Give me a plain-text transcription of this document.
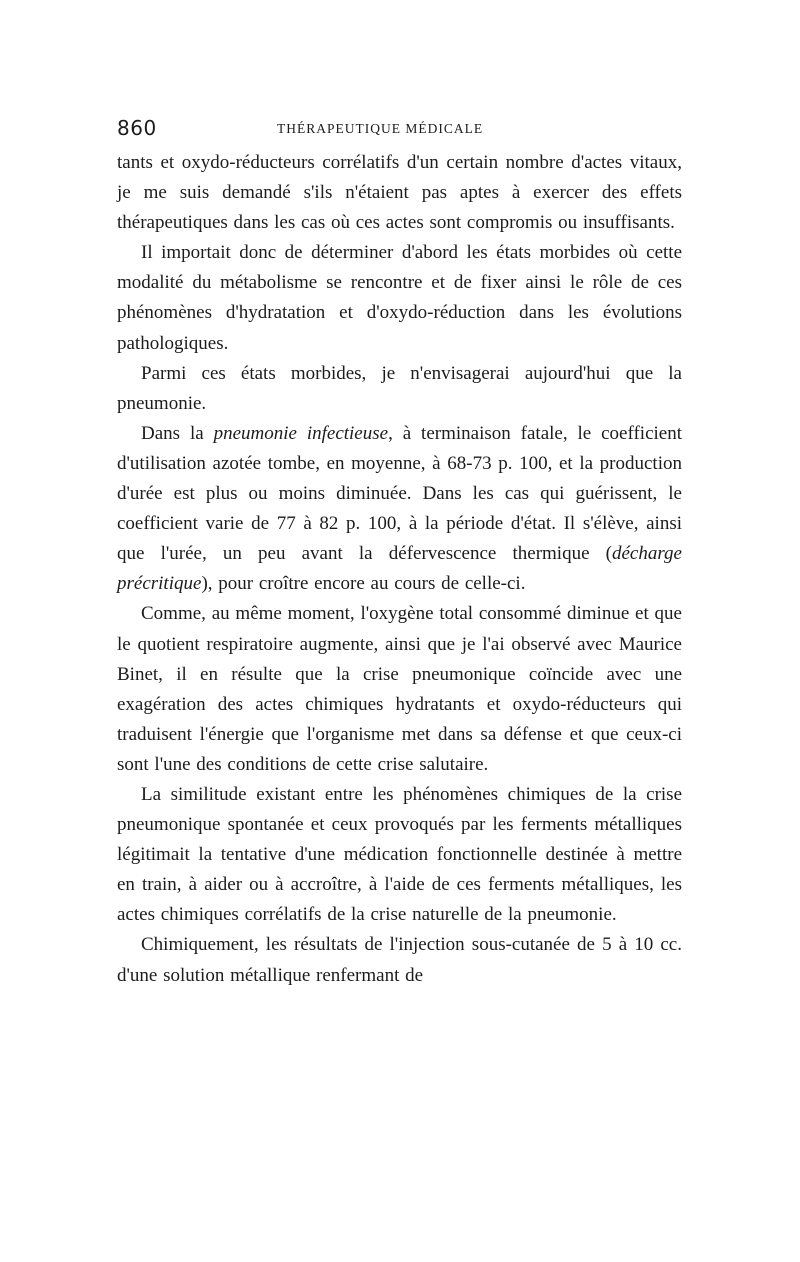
860	THÉRAPEUTIQUE MÉDICALE

tants et oxydo-réducteurs corrélatifs d'un certain nombre d'actes vitaux, je me suis demandé s'ils n'étaient pas aptes à exercer des effets thérapeutiques dans les cas où ces actes sont compromis ou insuffisants.

Il importait donc de déterminer d'abord les états morbides où cette modalité du métabolisme se rencontre et de fixer ainsi le rôle de ces phénomènes d'hydratation et d'oxydo-réduction dans les évolutions pathologiques.

Parmi ces états morbides, je n'envisagerai aujourd'hui que la pneumonie.

Dans la pneumonie infectieuse, à terminaison fatale, le coefficient d'utilisation azotée tombe, en moyenne, à 68-73 p. 100, et la production d'urée est plus ou moins diminuée. Dans les cas qui guérissent, le coefficient varie de 77 à 82 p. 100, à la période d'état. Il s'élève, ainsi que l'urée, un peu avant la défervescence thermique (décharge précritique), pour croître encore au cours de celle-ci.

Comme, au même moment, l'oxygène total consommé diminue et que le quotient respiratoire augmente, ainsi que je l'ai observé avec Maurice Binet, il en résulte que la crise pneumonique coïncide avec une exagération des actes chimiques hydratants et oxydo-réducteurs qui traduisent l'énergie que l'organisme met dans sa défense et que ceux-ci sont l'une des conditions de cette crise salutaire.

La similitude existant entre les phénomènes chimiques de la crise pneumonique spontanée et ceux provoqués par les ferments métalliques légitimait la tentative d'une médication fonctionnelle destinée à mettre en train, à aider ou à accroître, à l'aide de ces ferments métalliques, les actes chimiques corrélatifs de la crise naturelle de la pneumonie.

Chimiquement, les résultats de l'injection sous-cutanée de 5 à 10 cc. d'une solution métallique renfermant de
